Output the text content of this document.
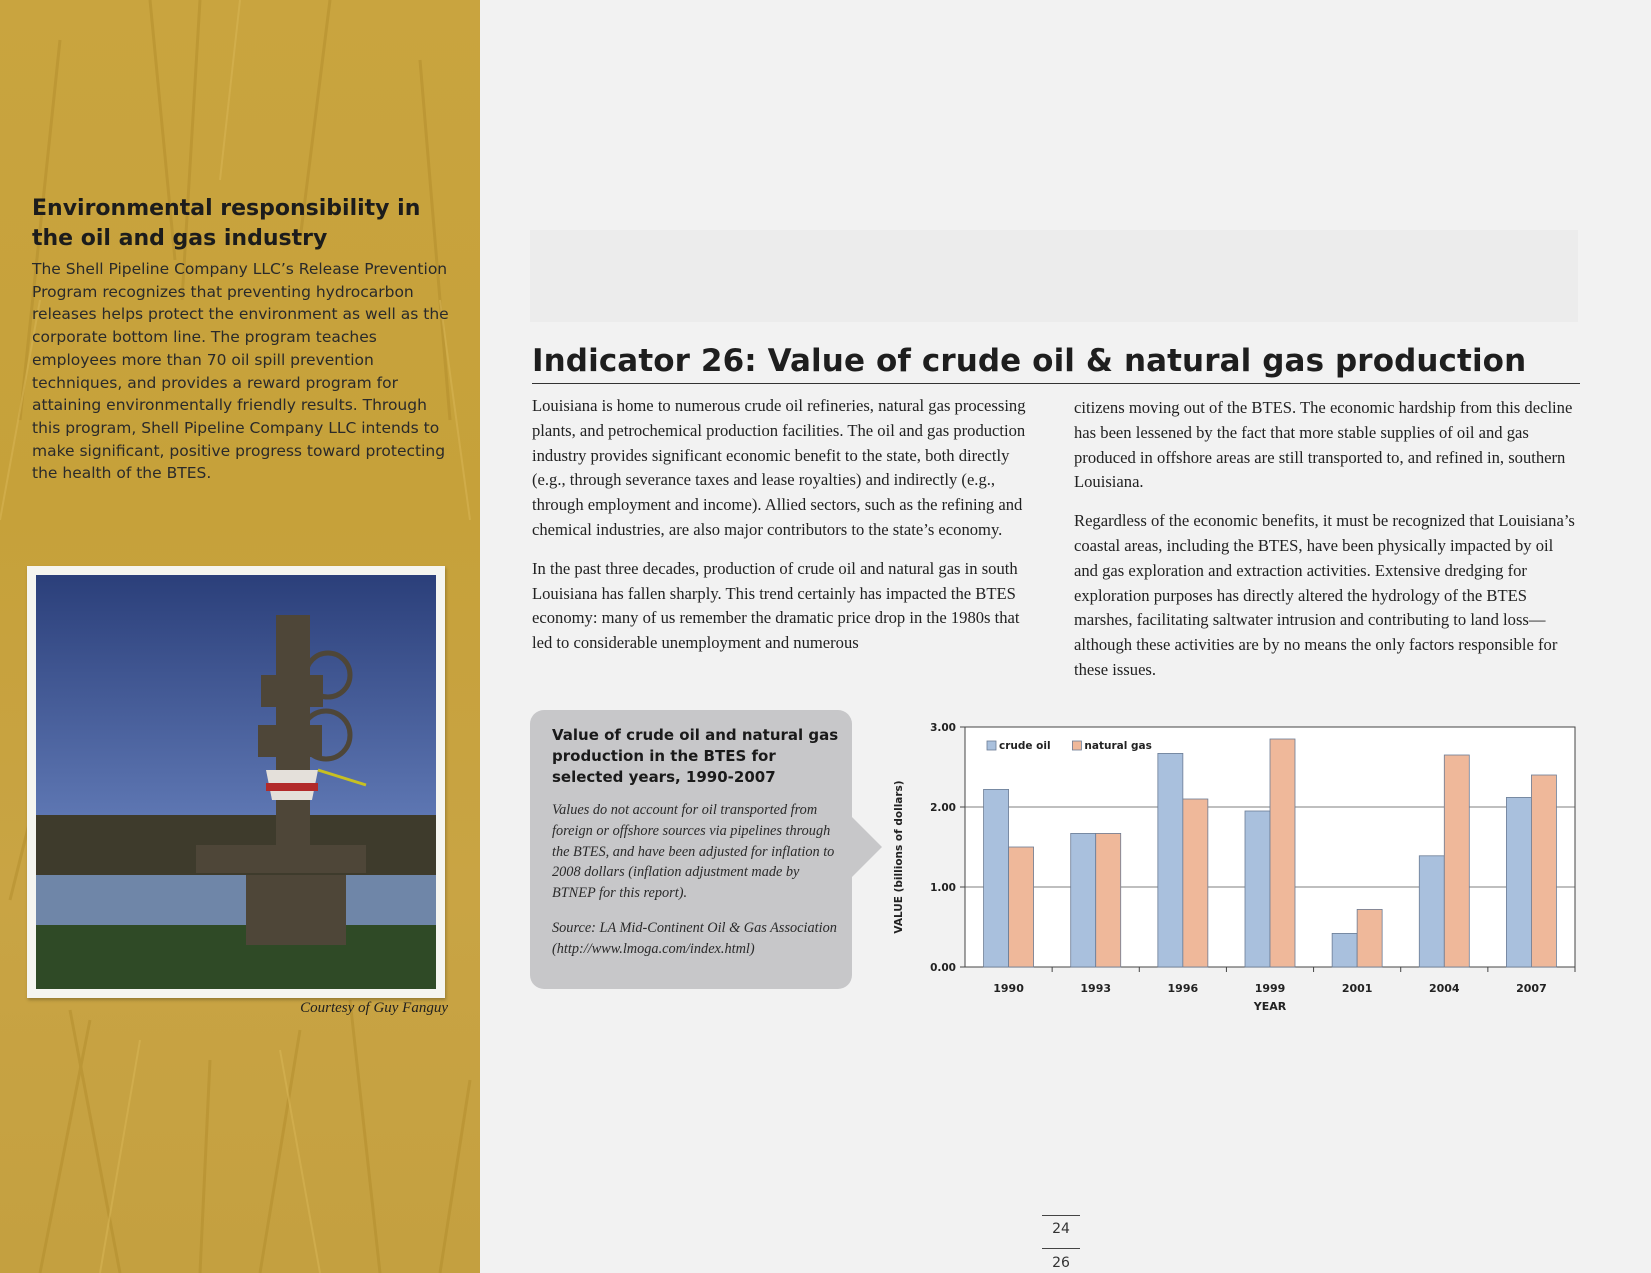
Environmental responsibility in the oil and gas industry
The Shell Pipeline Company LLC’s Release Prevention Program recognizes that preventing hydrocarbon releases helps protect the environment as well as the corporate bottom line. The program teaches employees more than 70 oil spill prevention techniques, and provides a reward program for attaining environmentally friendly results. Through this program, Shell Pipeline Company LLC intends to make significant, positive progress toward protecting the health of the BTES.
Courtesy of Guy Fanguy
Indicator 26: Value of crude oil & natural gas production

Louisiana is home to numerous crude oil refineries, natural gas processing plants, and petrochemical production facilities. The oil and gas production industry provides significant economic benefit to the state, both directly (e.g., through severance taxes and lease royalties) and indirectly (e.g., through employment and income). Allied sectors, such as the refining and chemical industries, are also major contributors to the state’s economy.

In the past three decades, production of crude oil and natural gas in south Louisiana has fallen sharply. This trend certainly has impacted the BTES economy: many of us remember the dramatic price drop in the 1980s that led to considerable unemployment and numerous

citizens moving out of the BTES. The economic hardship from this decline has been lessened by the fact that more stable supplies of oil and gas produced in offshore areas are still transported to, and refined in, southern Louisiana.

Regardless of the economic benefits, it must be recognized that Louisiana’s coastal areas, including the BTES, have been physically impacted by oil and gas exploration and extraction activities. Extensive dredging for exploration purposes has directly altered the hydrology of the BTES marshes, facilitating saltwater intrusion and contributing to land loss—although these activities are by no means the only factors responsible for these issues.

Value of crude oil and natural gas production in the BTES for selected years, 1990-2007
Values do not account for oil transported from foreign or offshore sources via pipelines through the BTES, and have been adjusted for inflation to 2008 dollars (inflation adjustment made by BTNEP for this report).
Source: LA Mid-Continent Oil & Gas Association (http://www.lmoga.com/index.html)
0.00
1.00
2.00
3.00
1990	1993	1996	1999	2001	2004	2007
YEAR
VALUE (billions of dollars)
crude oil	natural gas
24
26
